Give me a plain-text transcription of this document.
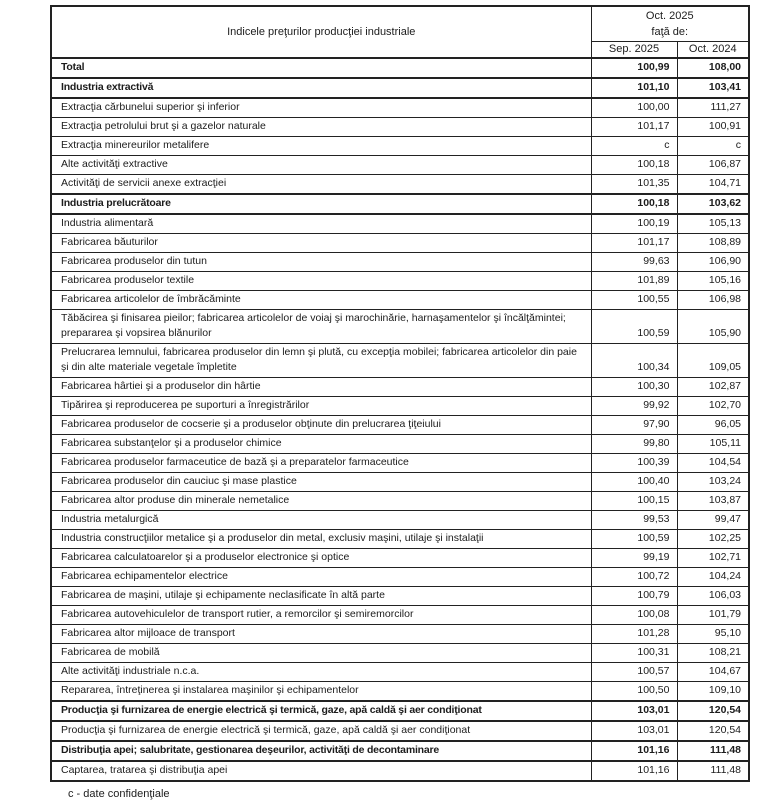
Indicele preţurilor producţiei industriale	Oct. 2025
faţă de:	

	Sep. 2025	Oct. 2024
Total	100,99	108,00
Industria extractivă	101,10	103,41
Extracţia cărbunelui superior şi inferior	100,00	111,27
Extracţia petrolului brut şi a gazelor naturale	101,17	100,91
Extracţia minereurilor metalifere	c	c
Alte activităţi extractive	100,18	106,87
Activităţi de servicii anexe extracţiei	101,35	104,71
Industria prelucrătoare	100,18	103,62
Industria alimentară	100,19	105,13
Fabricarea băuturilor	101,17	108,89
Fabricarea produselor din tutun	99,63	106,90
Fabricarea produselor textile	101,89	105,16
Fabricarea articolelor de îmbrăcăminte	100,55	106,98
Tăbăcirea şi finisarea pieilor; fabricarea articolelor de voiaj şi marochinărie, harnaşamentelor şi încălţămintei; prepararea şi vopsirea blănurilor	100,59	105,90
Prelucrarea lemnului, fabricarea produselor din lemn şi plută, cu excepţia mobilei; fabricarea articolelor din paie şi din alte materiale vegetale împletite	100,34	109,05
Fabricarea hârtiei şi a produselor din hârtie	100,30	102,87
Tipărirea şi reproducerea pe suporturi a înregistrărilor	99,92	102,70
Fabricarea produselor de cocserie şi a produselor obţinute din prelucrarea ţiţeiului	97,90	96,05
Fabricarea substanţelor şi a produselor chimice	99,80	105,11
Fabricarea produselor farmaceutice de bază şi a preparatelor farmaceutice	100,39	104,54
Fabricarea produselor din cauciuc şi mase plastice	100,40	103,24
Fabricarea altor produse din minerale nemetalice	100,15	103,87
Industria metalurgică	99,53	99,47
Industria construcţiilor metalice şi a produselor din metal, exclusiv maşini, utilaje şi instalaţii	100,59	102,25
Fabricarea calculatoarelor şi a produselor electronice şi optice	99,19	102,71
Fabricarea echipamentelor electrice	100,72	104,24
Fabricarea de maşini, utilaje şi echipamente neclasificate în altă parte	100,79	106,03
Fabricarea autovehiculelor de transport rutier, a remorcilor şi semiremorcilor	100,08	101,79
Fabricarea altor mijloace de transport	101,28	95,10
Fabricarea de mobilă	100,31	108,21
Alte activităţi industriale n.c.a.	100,57	104,67
Repararea, întreţinerea şi instalarea maşinilor şi echipamentelor	100,50	109,10
Producţia şi furnizarea de energie electrică şi termică, gaze, apă caldă şi aer condiţionat	103,01	120,54
Producţia şi furnizarea de energie electrică şi termică, gaze, apă caldă şi aer condiţionat	103,01	120,54
Distribuţia apei; salubritate, gestionarea deşeurilor, activităţi de decontaminare	101,16	111,48
Captarea, tratarea şi distribuţia apei	101,16	111,48
c - date confidenţiale
